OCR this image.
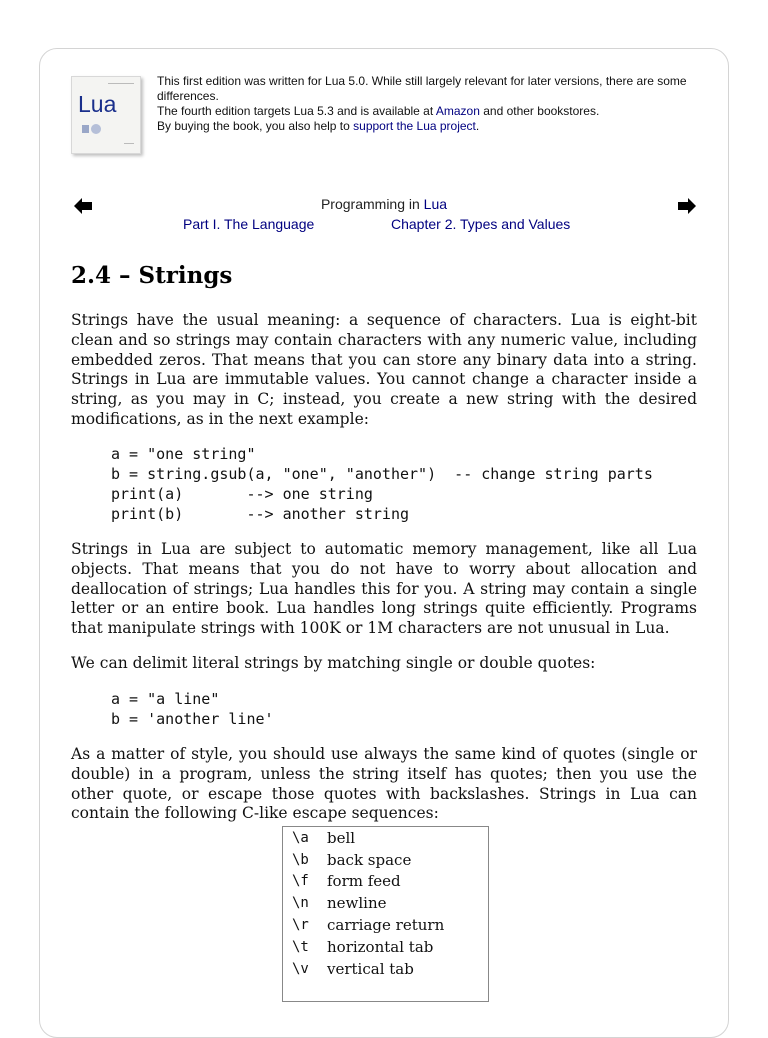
Lua

This first edition was written for Lua 5.0. While still largely relevant for later versions, there are some differences.

The fourth edition targets Lua 5.3 and is available at Amazon and other bookstores.

By buying the book, you also help to support the Lua project.

Programming in Lua
Part I. The Language	Chapter 2. Types and Values
2.4 – Strings

Strings have the usual meaning: a sequence of characters. Lua is eight-bit clean and so strings may contain characters with any numeric value, including embedded zeros. That means that you can store any binary data into a string. Strings in Lua are immutable values. You cannot change a character inside a string, as you may in C; instead, you create a new string with the desired modifications, as in the next example:

a = "one string"
b = string.gsub(a, "one", "another")  -- change string parts
print(a)       --> one string
print(b)       --> another string

Strings in Lua are subject to automatic memory management, like all Lua objects. That means that you do not have to worry about allocation and deallocation of strings; Lua handles this for you. A string may contain a single letter or an entire book. Lua handles long strings quite efficiently. Programs that manipulate strings with 100K or 1M characters are not unusual in Lua.

We can delimit literal strings by matching single or double quotes:

a = "a line"
b = 'another line'

As a matter of style, you should use always the same kind of quotes (single or double) in a program, unless the string itself has quotes; then you use the other quote, or escape those quotes with backslashes. Strings in Lua can contain the following C-like escape sequences:

\a	bell
\b	back space
\f	form feed
\n	newline
\r	carriage return
\t	horizontal tab
\v	vertical tab
